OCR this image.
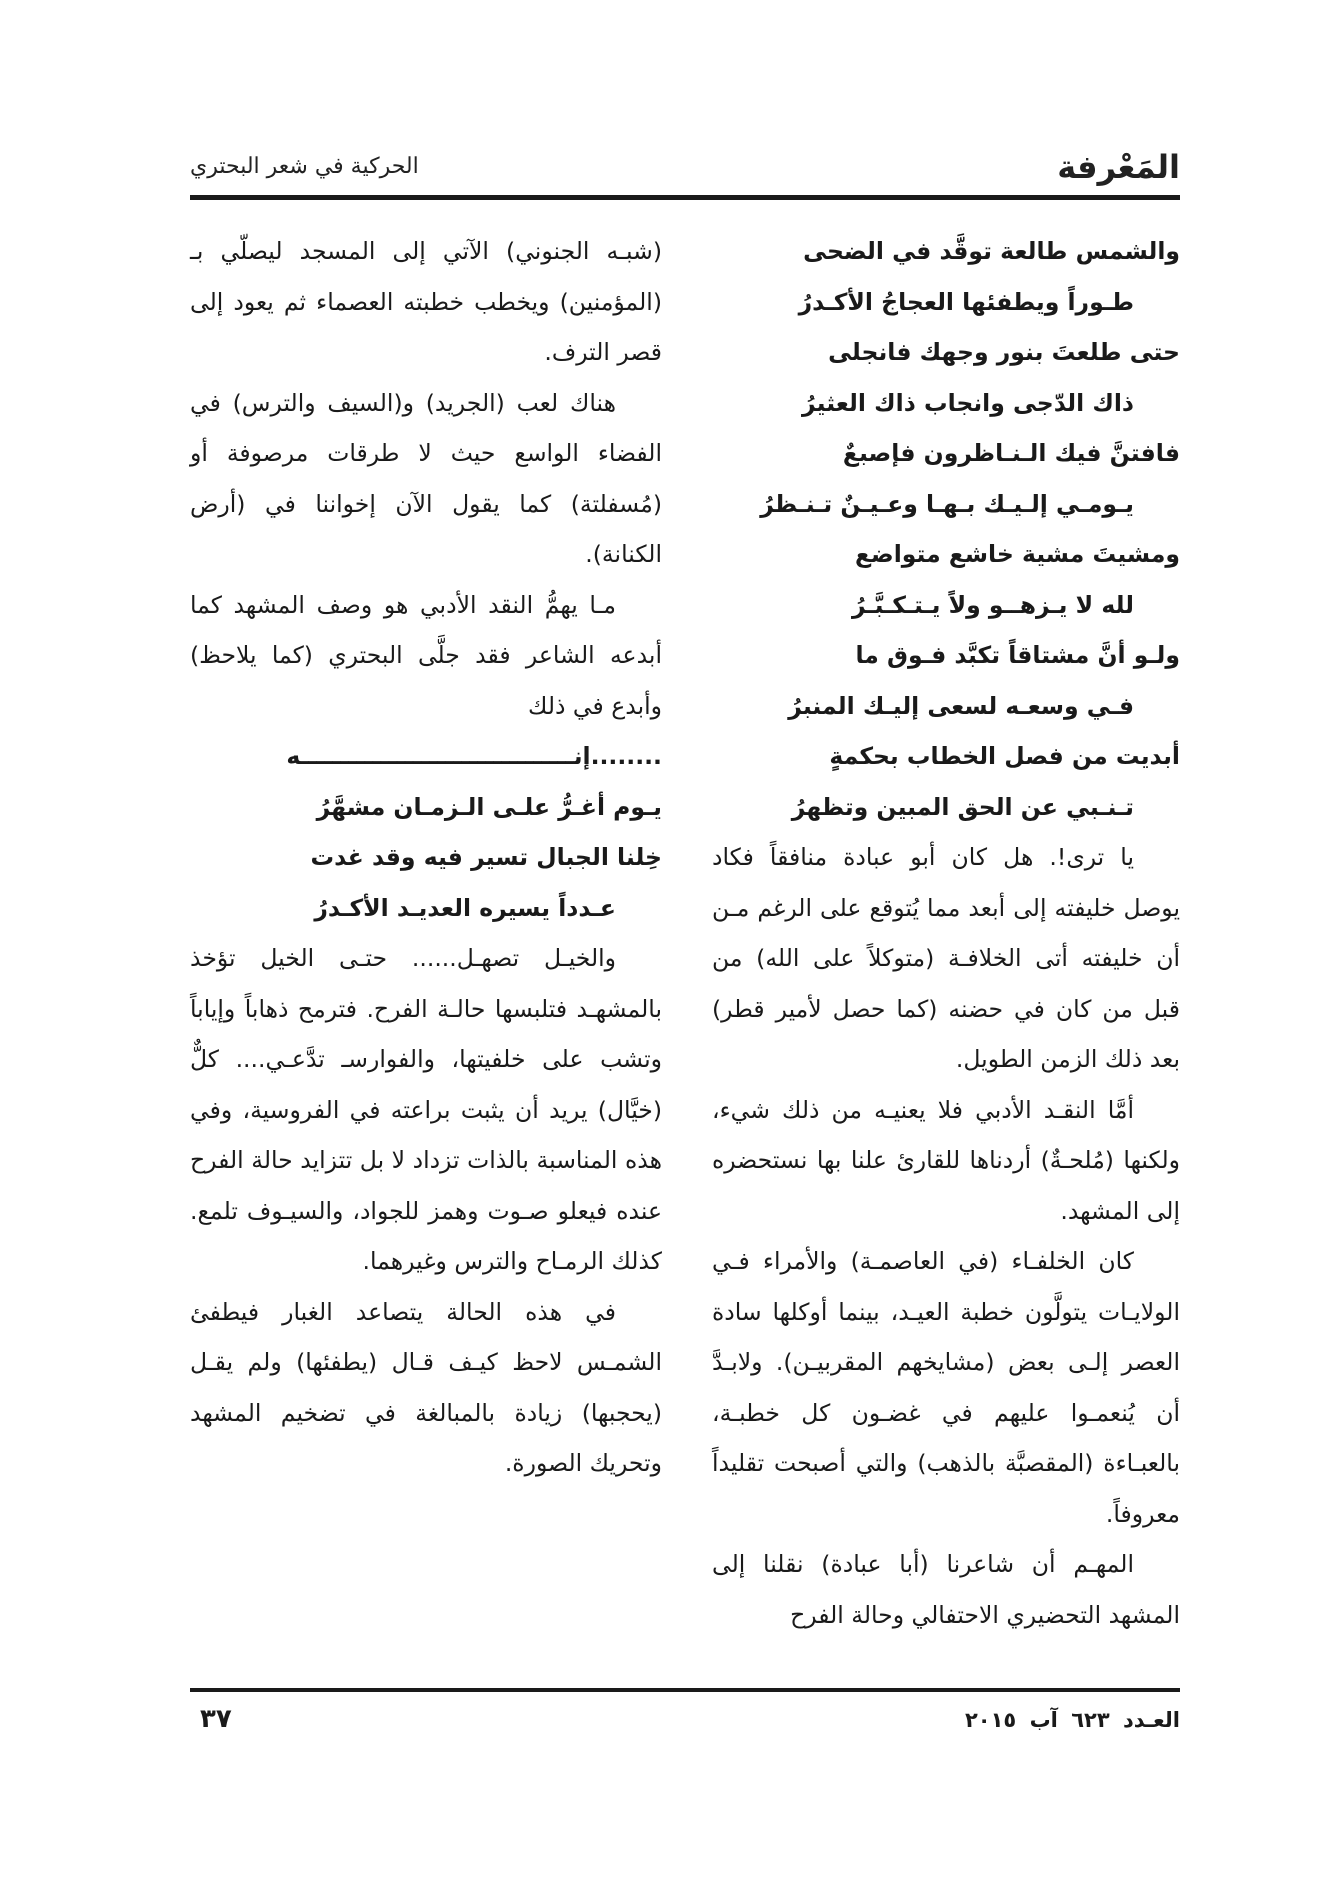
الحركية في شعر البحتري	المَعْرفة

والشمس طالعة توقَّد في الضحى

طـوراً ويطفئها العجاجُ الأكـدرُ

حتى طلعتَ بنور وجهك فانجلى

ذاك الدّجى وانجاب ذاك العثيرُ

فافتنَّ فيك الـنـاظرون فإصبعٌ

يـومـي إلـيـك بـهـا وعـيـنٌ تـنـظرُ

ومشيتَ مشية خاشع متواضع

لله لا يـزهــو ولاً يـتـكـبَّـرُ

ولـو أنَّ مشتاقاً تكبَّد فـوق ما

فـي وسعـه لسعى إليـك المنبرُ

أبديت من فصل الخطاب بحكمةٍ

تـنـبي عن الحق المبين وتظهرُ

يا ترى!. هل كان أبو عبادة منافقاً فكاد يوصل خليفته إلى أبعد مما يُتوقع على الرغم مـن أن خليفته أتى الخلافـة (متوكلاً على الله) من قبل من كان في حضنه (كما حصل لأمير قطر) بعد ذلك الزمن الطويل.

أمَّا النقـد الأدبي فلا يعنيـه من ذلك شيء، ولكنها (مُلحـةٌ) أردناها للقارئ علنا بها نستحضره إلى المشهد.

كان الخلفـاء (في العاصمـة) والأمراء فـي الولايـات يتولَّون خطبة العيـد، بينما أوكلها سادة العصر إلـى بعض (مشايخهم المقربيـن). ولابـدَّ أن يُنعمـوا عليهم في غضـون كل خطبـة، بالعبـاءة (المقصبَّة بالذهب) والتي أصبحت تقليداً معروفاً.

المهـم أن شاعرنا (أبا عبادة) نقلنا إلى المشهد التحضيري الاحتفالي وحالة الفرح

(شبـه الجنوني) الآتي إلى المسجد ليصلّي بـ (المؤمنين) ويخطب خطبته العصماء ثم يعود إلى قصر الترف.

هناك لعب (الجريد) و(السيف والترس) في الفضاء الواسع حيث لا طرقات مرصوفة أو (مُسفلتة) كما يقول الآن إخواننا في (أرض الكنانة).

مـا يهمُّ النقد الأدبي هو وصف المشهد كما أبدعه الشاعر فقد جلَّى البحتري (كما يلاحظ) وأبدع في ذلك

........إنــــــــــــــــــــــــــــــــــه

يـوم أغـرُّ علـى الـزمـان مشهَّرُ

خِلنا الجبال تسير فيه وقد غدت

عـدداً يسيره العديـد الأكـدرُ

والخيـل تصهـل...... حتـى الخيل تؤخذ بالمشهـد فتلبسها حالـة الفرح. فترمح ذهاباً وإياباً وتشب على خلفيتها، والفوارسـ تدَّعـي.... كلٌّ (خيَّال) يريد أن يثبت براعته في الفروسية، وفي هذه المناسبة بالذات تزداد لا بل تتزايد حالة الفرح عنده فيعلو صـوت وهمز للجواد، والسيـوف تلمع. كذلك الرمـاح والترس وغيرهما.

في هذه الحالة يتصاعد الغبار فيطفئ الشمـس لاحظ كيـف قـال (يطفئها) ولم يقـل (يحجبها) زيادة بالمبالغة في تضخيم المشهد وتحريك الصورة.

العـدد ٦٢٣ آب ٢٠١٥
٣٧
